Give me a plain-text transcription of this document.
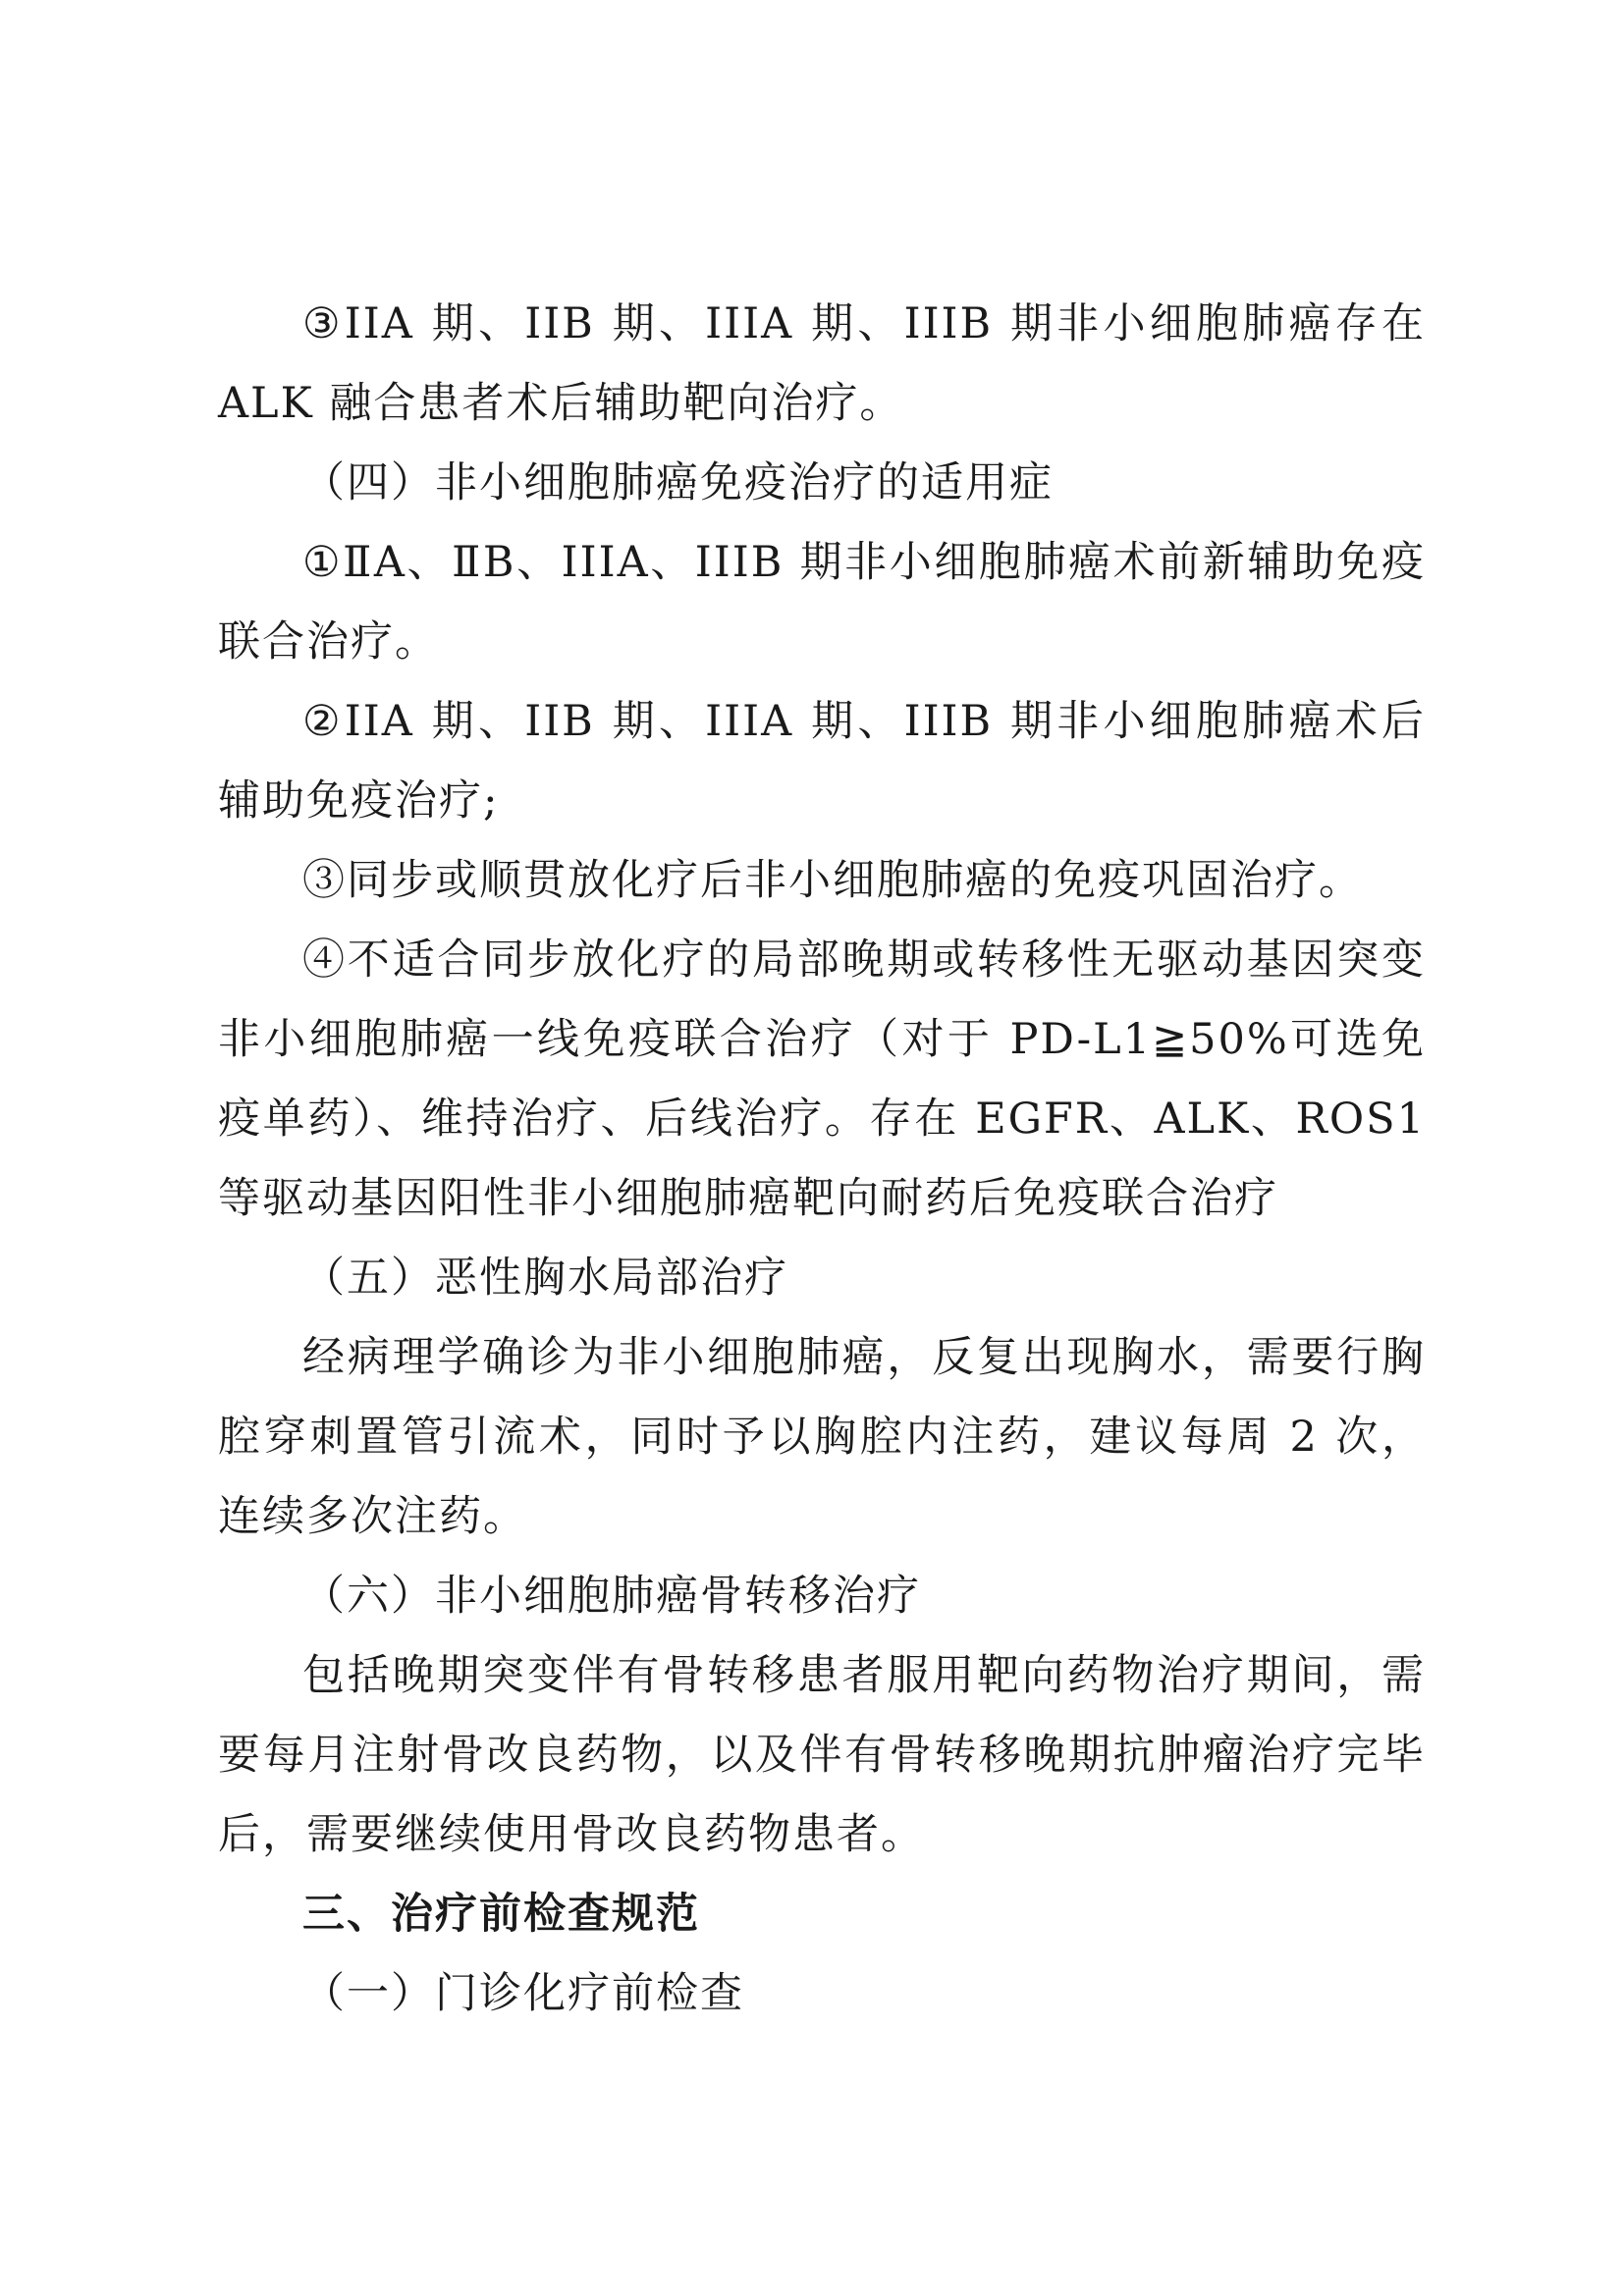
③IIA 期、IIB 期、IIIA 期、IIIB 期非小细胞肺癌存在 ALK 融合患者术后辅助靶向治疗。

（四）非小细胞肺癌免疫治疗的适用症

①ⅡA、ⅡB、IIIA、IIIB 期非小细胞肺癌术前新辅助免疫联合治疗。

②IIA 期、IIB 期、IIIA 期、IIIB 期非小细胞肺癌术后辅助免疫治疗;

③同步或顺贯放化疗后非小细胞肺癌的免疫巩固治疗。

④不适合同步放化疗的局部晚期或转移性无驱动基因突变非小细胞肺癌一线免疫联合治疗（对于 PD-L1≧50%可选免疫单药）、维持治疗、后线治疗。存在 EGFR、ALK、ROS1 等驱动基因阳性非小细胞肺癌靶向耐药后免疫联合治疗

（五）恶性胸水局部治疗

经病理学确诊为非小细胞肺癌，反复出现胸水，需要行胸腔穿刺置管引流术，同时予以胸腔内注药，建议每周 2 次，连续多次注药。

（六）非小细胞肺癌骨转移治疗

包括晚期突变伴有骨转移患者服用靶向药物治疗期间，需要每月注射骨改良药物，以及伴有骨转移晚期抗肿瘤治疗完毕后，需要继续使用骨改良药物患者。

三、治疗前检查规范

（一）门诊化疗前检查
